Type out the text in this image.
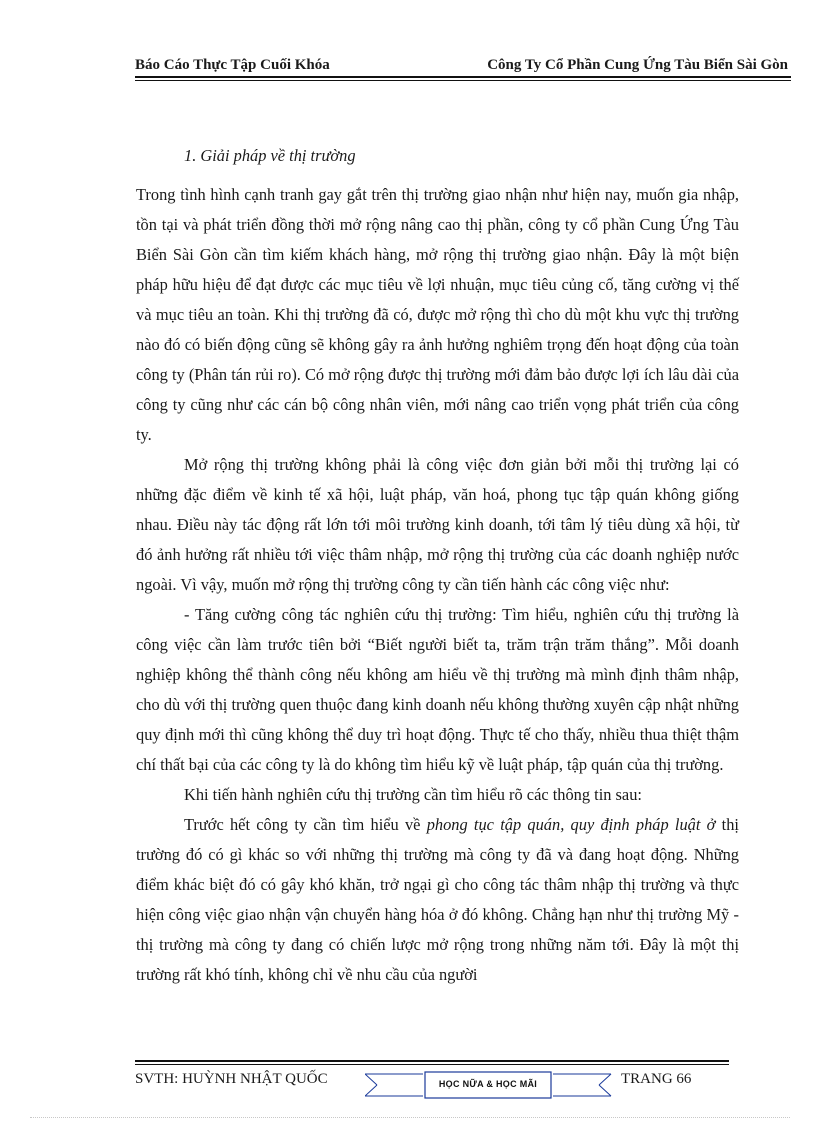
Báo Cáo Thực Tập Cuối Khóa	Công Ty Cổ Phần Cung Ứng Tàu Biển Sài Gòn
1. Giải pháp về thị trường

Trong tình hình cạnh tranh gay gắt trên thị trường giao nhận như hiện nay, muốn gia nhập, tồn tại và phát triển đồng thời mở rộng nâng cao thị phần, công ty cổ phần Cung Ứng Tàu Biển Sài Gòn cần tìm kiếm khách hàng, mở rộng thị trường giao nhận. Đây là một biện pháp hữu hiệu để đạt được các mục tiêu về lợi nhuận, mục tiêu củng cố, tăng cường vị thế và mục tiêu an toàn. Khi thị trường đã có, được mở rộng thì cho dù một khu vực thị trường nào đó có biến động cũng sẽ không gây ra ảnh hưởng nghiêm trọng đến hoạt động của toàn công ty (Phân tán rủi ro). Có mở rộng được thị trường mới đảm bảo được lợi ích lâu dài của công ty cũng như các cán bộ công nhân viên, mới nâng cao triển vọng phát triển của công ty.

Mở rộng thị trường không phải là công việc đơn giản bởi mỗi thị trường lại có những đặc điểm về kinh tế xã hội, luật pháp, văn hoá, phong tục tập quán không giống nhau. Điều này tác động rất lớn tới môi trường kinh doanh, tới tâm lý tiêu dùng xã hội, từ đó ảnh hưởng rất nhiều tới việc thâm nhập, mở rộng thị trường của các doanh nghiệp nước ngoài. Vì vậy, muốn mở rộng thị trường công ty cần tiến hành các công việc như:

- Tăng cường công tác nghiên cứu thị trường: Tìm hiểu, nghiên cứu thị trường là công việc cần làm trước tiên bởi “Biết người biết ta, trăm trận trăm thắng”. Mỗi doanh nghiệp không thể thành công nếu không am hiểu về thị trường mà mình định thâm nhập, cho dù với thị trường quen thuộc đang kinh doanh nếu không thường xuyên cập nhật những quy định mới thì cũng không thể duy trì hoạt động. Thực tế cho thấy, nhiều thua thiệt thậm chí thất bại của các công ty là do không tìm hiểu kỹ về luật pháp, tập quán của thị trường.

Khi tiến hành nghiên cứu thị trường cần tìm hiểu rõ các thông tin sau:

Trước hết công ty cần tìm hiểu về phong tục tập quán, quy định pháp luật ở thị trường đó có gì khác so với những thị trường mà công ty đã và đang hoạt động. Những điểm khác biệt đó có gây khó khăn, trở ngại gì cho công tác thâm nhập thị trường và thực hiện công việc giao nhận vận chuyển hàng hóa ở đó không. Chẳng hạn như thị trường Mỹ - thị trường mà công ty đang có chiến lược mở rộng trong những năm tới. Đây là một thị trường rất khó tính, không chỉ về nhu cầu của người

SVTH: HUỲNH NHẬT QUỐC	HỌC NỮA & HỌC MÃI	TRANG 66
